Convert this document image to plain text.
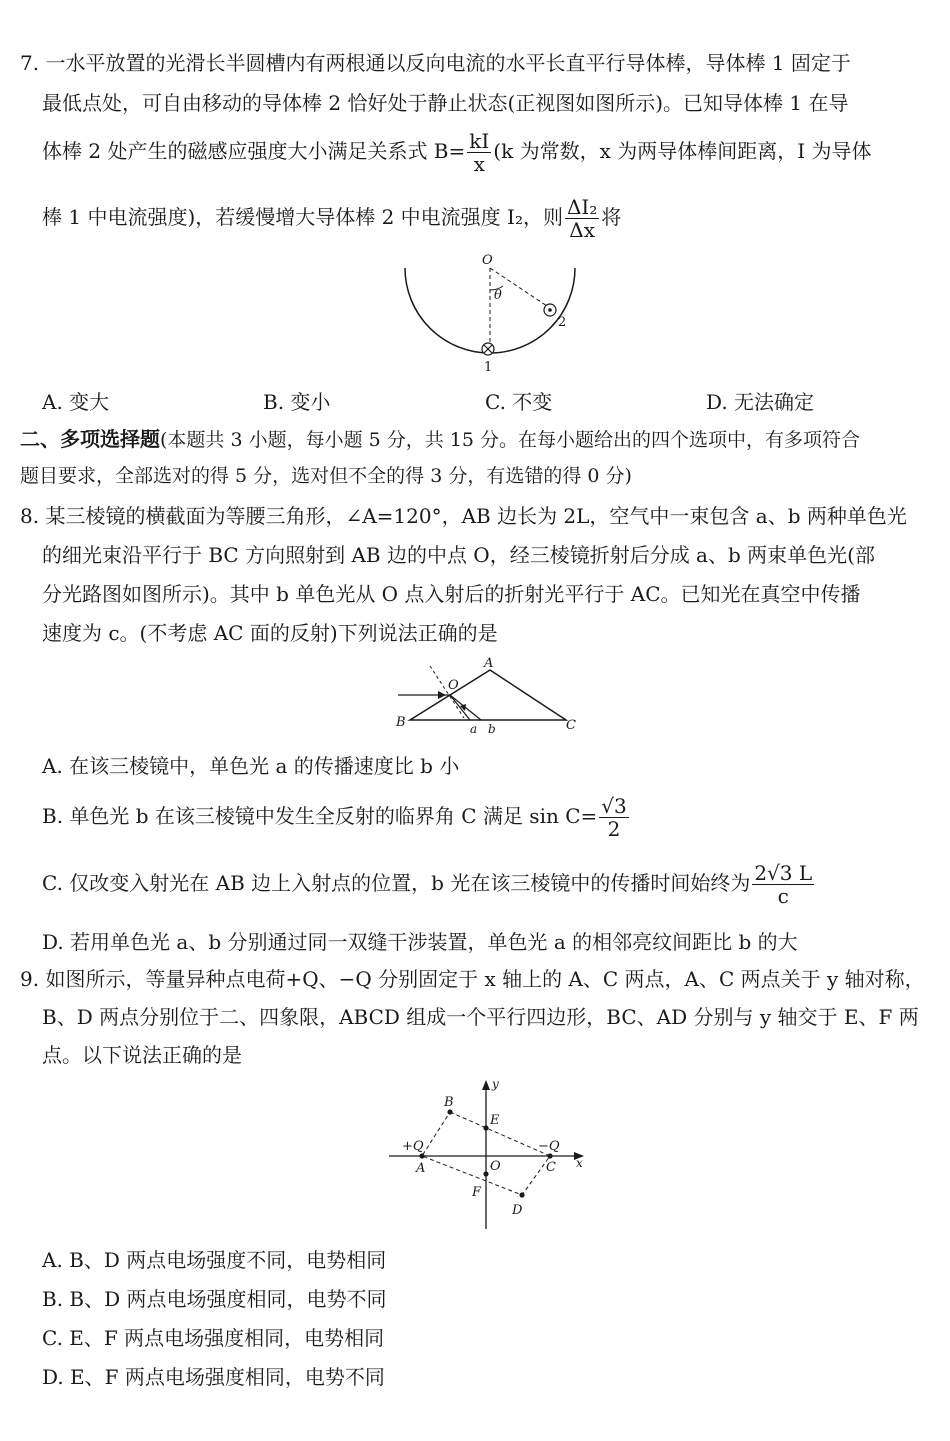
7. 一水平放置的光滑长半圆槽内有两根通以反向电流的水平长直平行导体棒，导体棒 1 固定于
最低点处，可自由移动的导体棒 2 恰好处于静止状态(正视图如图所示)。已知导体棒 1 在导
体棒 2 处产生的磁感应强度大小满足关系式 $B= \frac{kI}{x} (k$ 为常数，x 为两导体棒间距离，I 为导体
棒 1 中电流强度)，若缓慢增大导体棒 2 中电流强度 I₂，则 $\frac{\text{ΔI₂}}{\Delta x}$ 将
O
θ
1
2
A. 变大	B. 变小	C. 不变	D. 无法确定
二、多项选择题(本题共 3 小题，每小题 5 分，共 15 分。在每小题给出的四个选项中，有多项符合
题目要求，全部选对的得 5 分，选对但不全的得 3 分，有选错的得 0 分)
8. 某三棱镜的横截面为等腰三角形，∠A=120°，AB 边长为 2L，空气中一束包含 a、b 两种单色光
的细光束沿平行于 BC 方向照射到 AB 边的中点 O，经三棱镜折射后分成 a、b 两束单色光(部
分光路图如图所示)。其中 b 单色光从 O 点入射后的折射光平行于 AC。已知光在真空中传播
速度为 c。(不考虑 AC 面的反射)下列说法正确的是
A
B	C
O
a b
A. 在该三棱镜中，单色光 a 的传播速度比 b 小
B. 单色光 b 在该三棱镜中发生全反射的临界角 C 满足 $\sin C= \frac{√3}{2}$
C. 仅改变入射光在 AB 边上入射点的位置，b 光在该三棱镜中的传播时间始终为 $\frac{2√3 L}{c}$
D. 若用单色光 a、b 分别通过同一双缝干涉装置，单色光 a 的相邻亮纹间距比 b 的大
9. 如图所示，等量异种点电荷+Q、−Q 分别固定于 x 轴上的 A、C 两点，A、C 两点关于 y 轴对称，
B、D 两点分别位于二、四象限，ABCD 组成一个平行四边形，BC、AD 分别与 y 轴交于 E、F 两
点。以下说法正确的是
y
x
B
E
+Q	−Q
A	O	C
F
D
A. B、D 两点电场强度不同，电势相同
B. B、D 两点电场强度相同，电势不同
C. E、F 两点电场强度相同，电势相同
D. E、F 两点电场强度相同，电势不同
